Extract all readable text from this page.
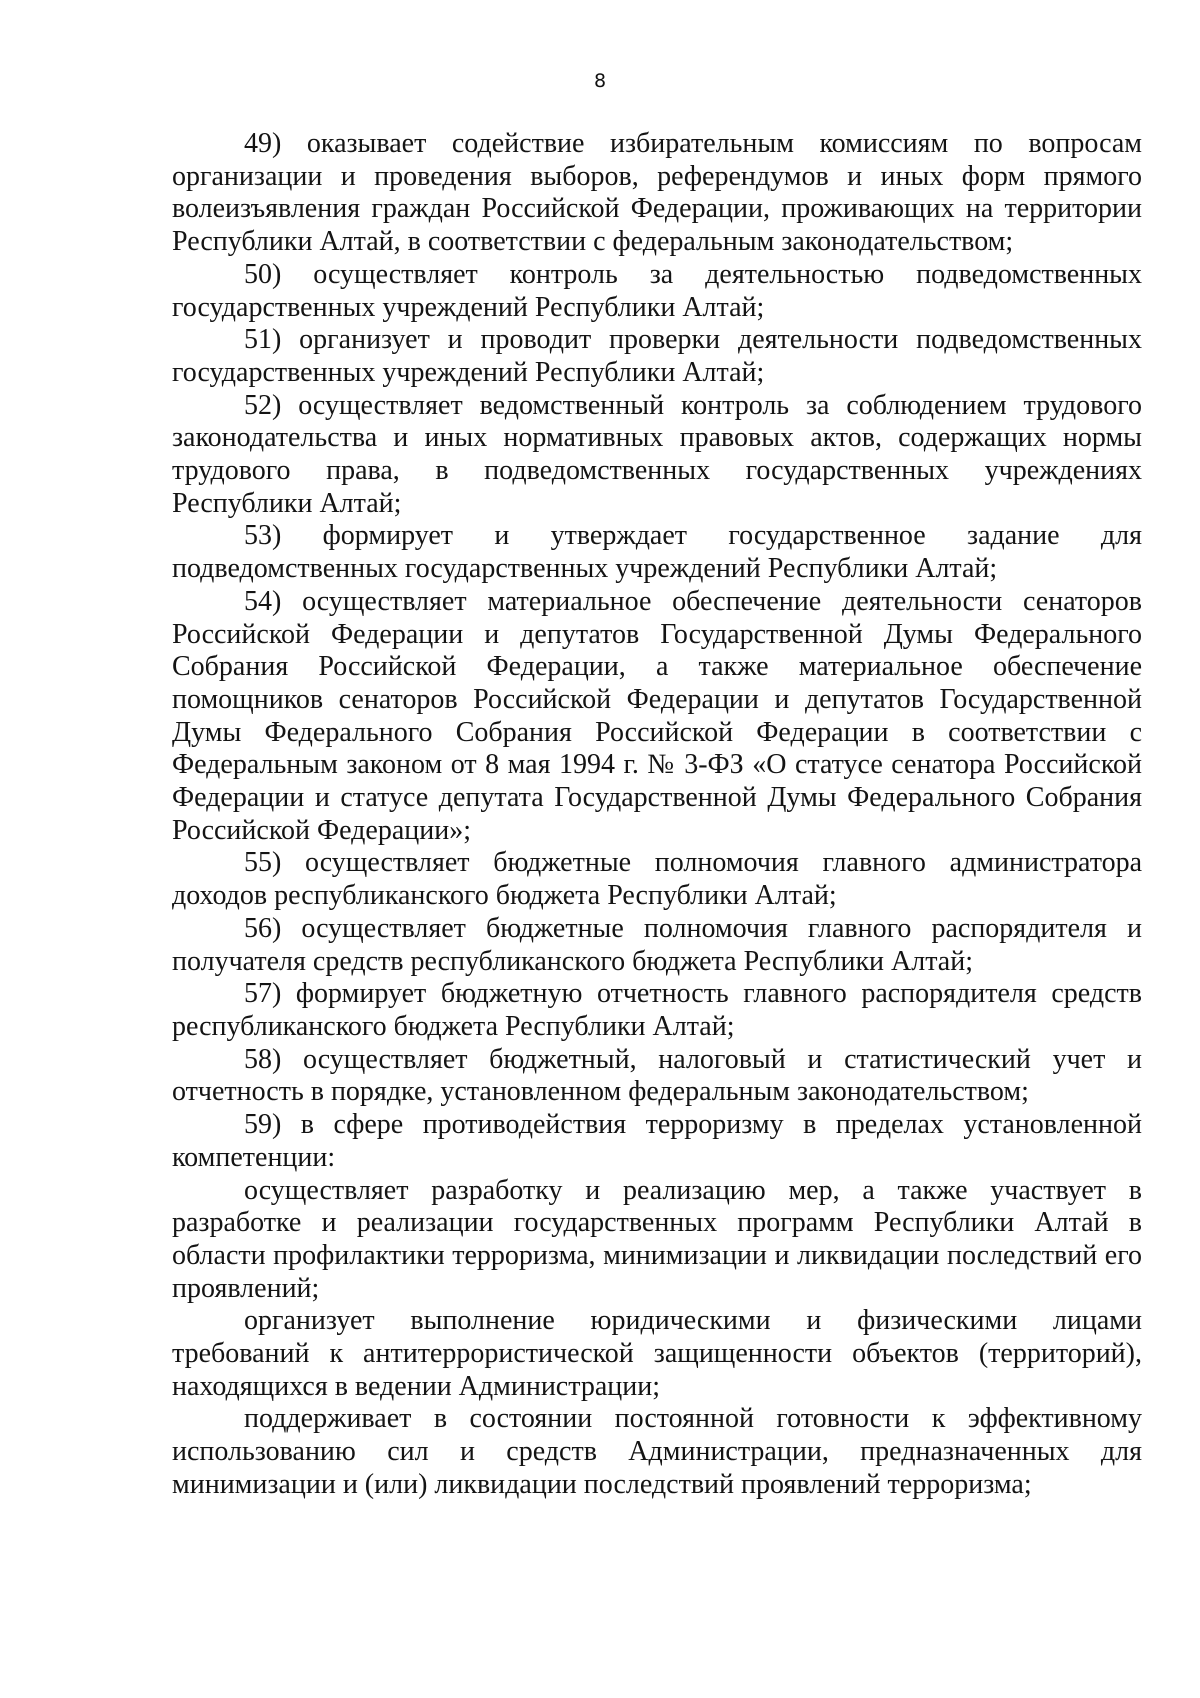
8

49) оказывает содействие избирательным комиссиям по вопросам организации и проведения выборов, референдумов и иных форм прямого волеизъявления граждан Российской Федерации, проживающих на территории Республики Алтай, в соответствии с федеральным законодательством;

50) осуществляет контроль за деятельностью подведомственных государственных учреждений Республики Алтай;

51) организует и проводит проверки деятельности подведомственных государственных учреждений Республики Алтай;

52) осуществляет ведомственный контроль за соблюдением трудового законодательства и иных нормативных правовых актов, содержащих нормы трудового права, в подведомственных государственных учреждениях Республики Алтай;

53) формирует и утверждает государственное задание для подведомственных государственных учреждений Республики Алтай;

54) осуществляет материальное обеспечение деятельности сенаторов Российской Федерации и депутатов Государственной Думы Федерального Собрания Российской Федерации, а также материальное обеспечение помощников сенаторов Российской Федерации и депутатов Государственной Думы Федерального Собрания Российской Федерации в соответствии с Федеральным законом от 8 мая 1994 г. № 3-ФЗ «О статусе сенатора Российской Федерации и статусе депутата Государственной Думы Федерального Собрания Российской Федерации»;

55) осуществляет бюджетные полномочия главного администратора доходов республиканского бюджета Республики Алтай;

56) осуществляет бюджетные полномочия главного распорядителя и получателя средств республиканского бюджета Республики Алтай;

57) формирует бюджетную отчетность главного распорядителя средств республиканского бюджета Республики Алтай;

58) осуществляет бюджетный, налоговый и статистический учет и отчетность в порядке, установленном федеральным законодательством;

59) в сфере противодействия терроризму в пределах установленной компетенции:

осуществляет разработку и реализацию мер, а также участвует в разработке и реализации государственных программ Республики Алтай в области профилактики терроризма, минимизации и ликвидации последствий его проявлений;

организует выполнение юридическими и физическими лицами требований к антитеррористической защищенности объектов (территорий), находящихся в ведении Администрации;

поддерживает в состоянии постоянной готовности к эффективному использованию сил и средств Администрации, предназначенных для минимизации и (или) ликвидации последствий проявлений терроризма;
